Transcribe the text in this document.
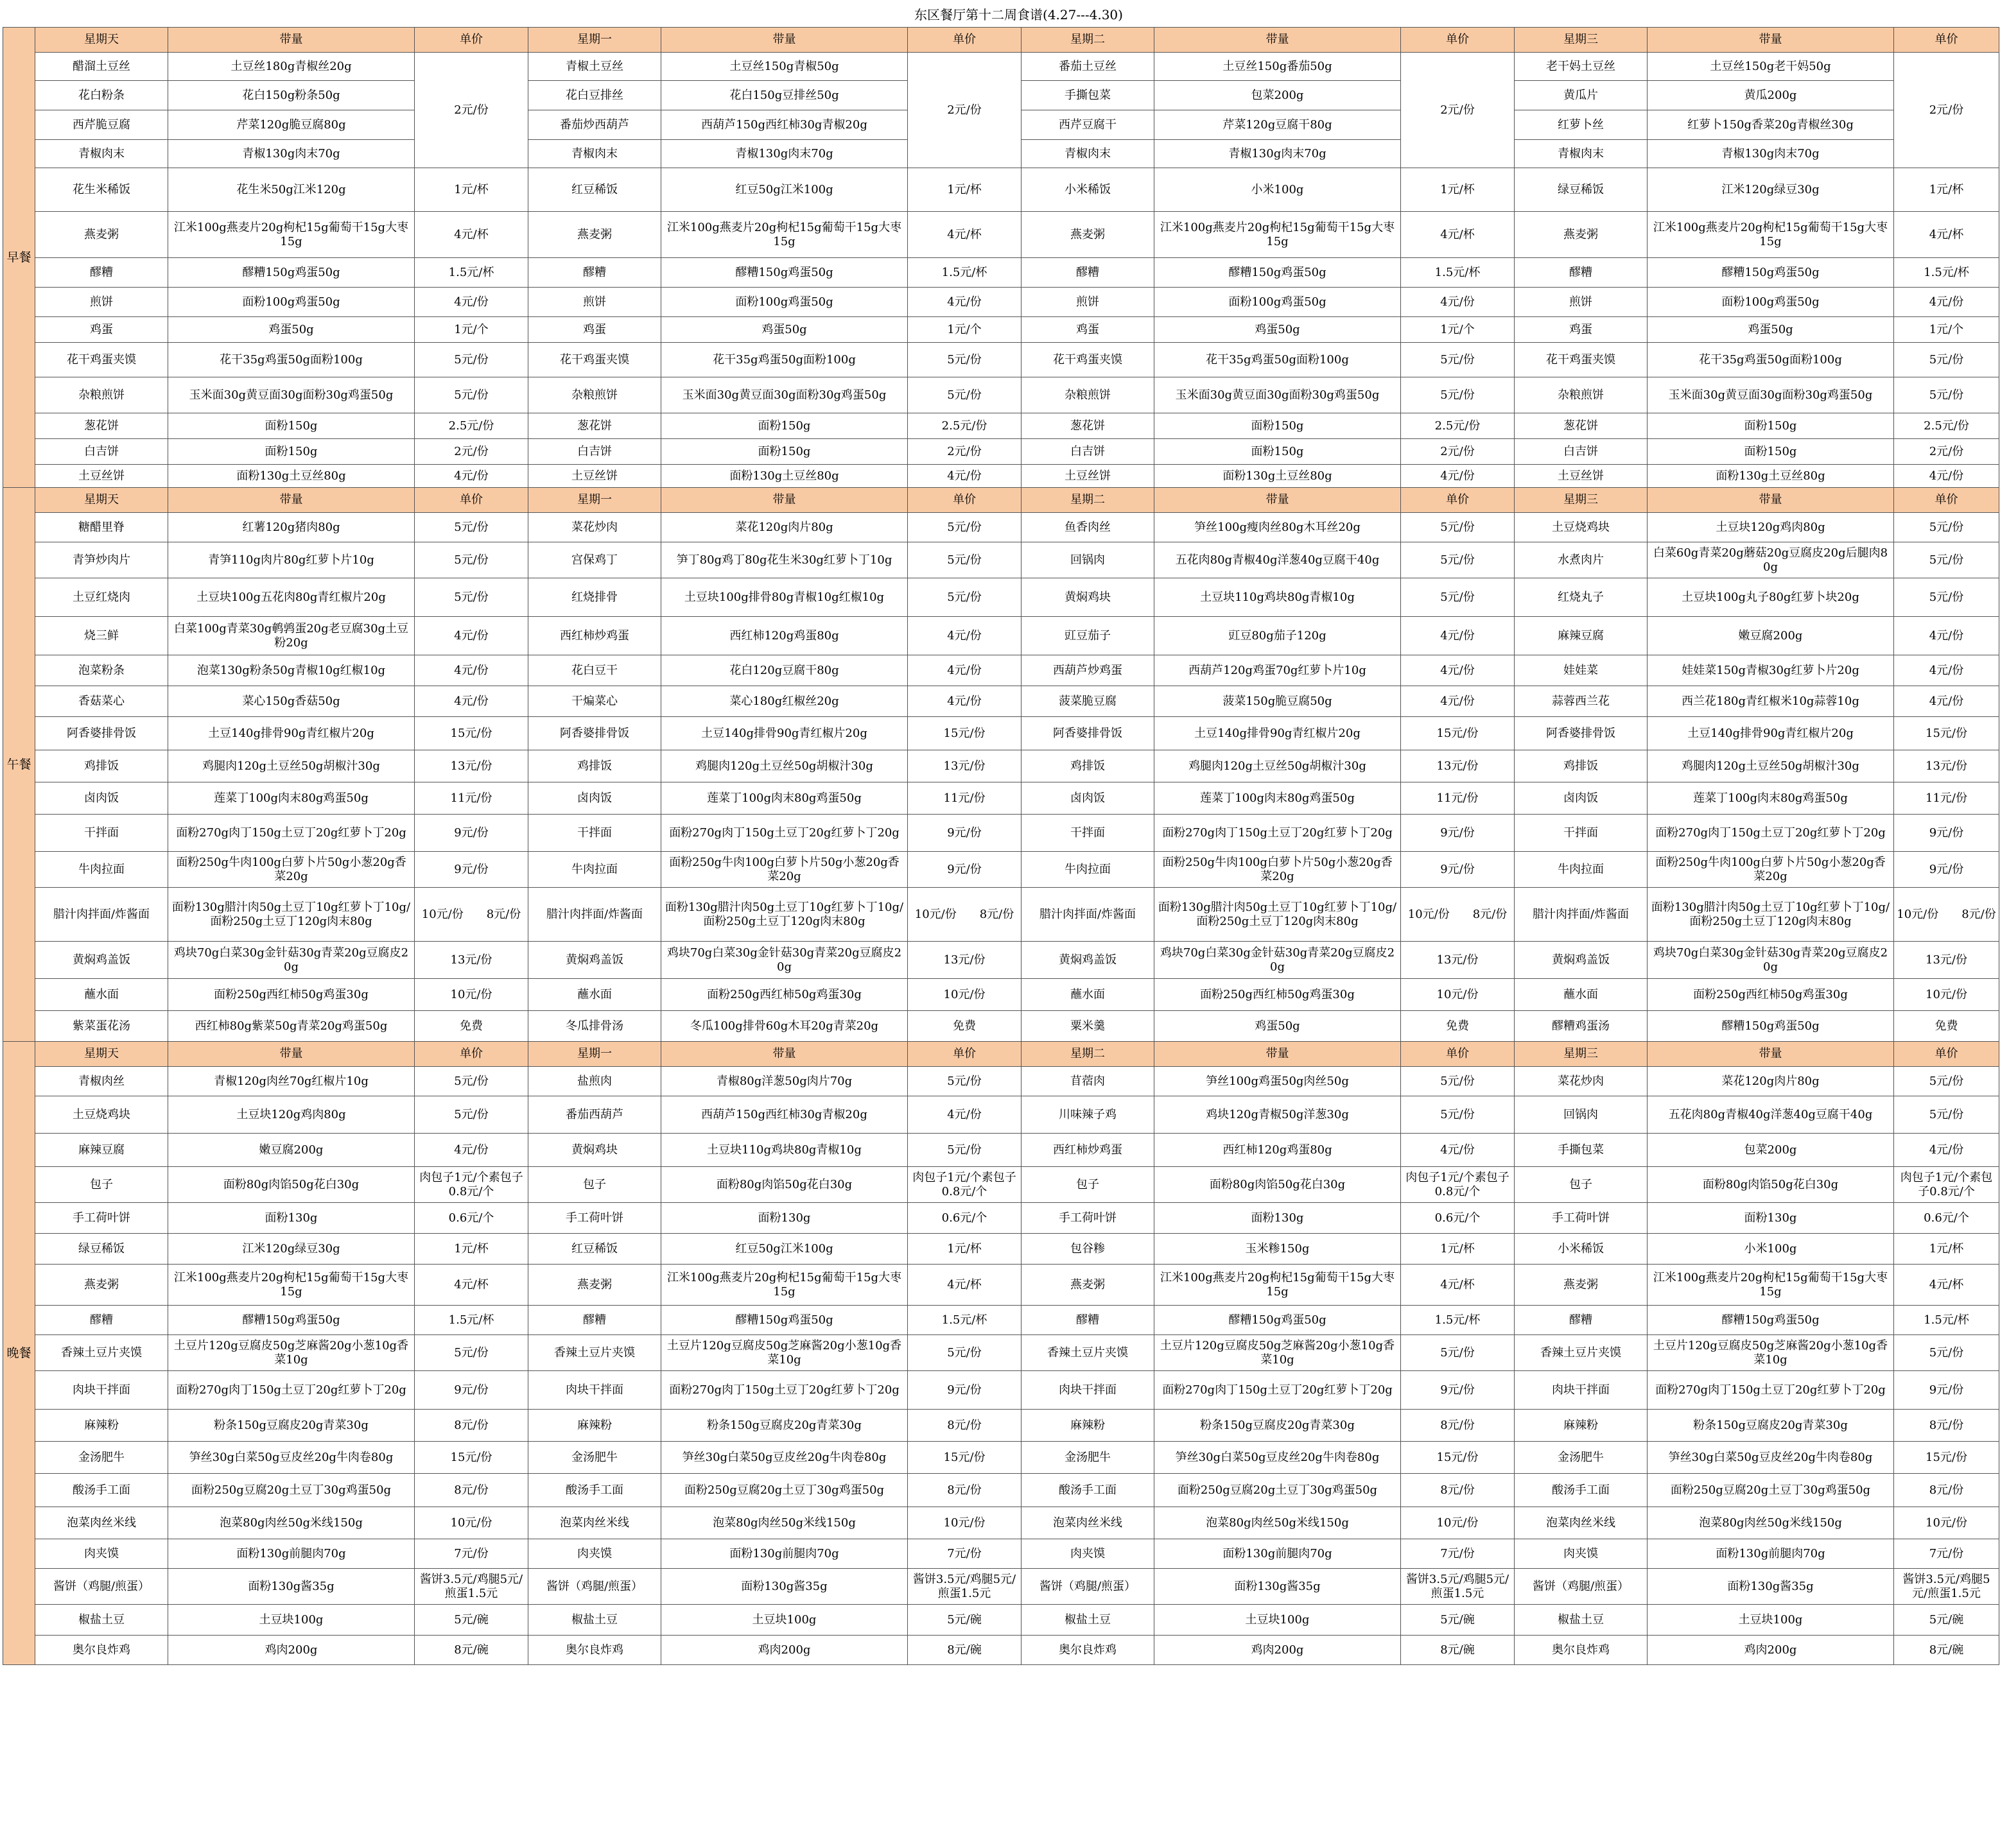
东区餐厅第十二周食谱(4.27---4.30)
早餐	星期天	带量	单价	星期一	带量	单价	星期二	带量	单价	星期三	带量	单价
	醋溜土豆丝	土豆丝180g青椒丝20g	2元/份	青椒土豆丝	土豆丝150g青椒50g	2元/份	番茄土豆丝	土豆丝150g番茄50g	2元/份	老干妈土豆丝	土豆丝150g老干妈50g	2元/份
	花白粉条	花白150g粉条50g		花白豆排丝	花白150g豆排丝50g		手撕包菜	包菜200g		黄瓜片	黄瓜200g	
	西芹脆豆腐	芹菜120g脆豆腐80g		番茄炒西葫芦	西葫芦150g西红柿30g青椒20g		西芹豆腐干	芹菜120g豆腐干80g		红萝卜丝	红萝卜150g香菜20g青椒丝30g	
	青椒肉末	青椒130g肉末70g		青椒肉末	青椒130g肉末70g		青椒肉末	青椒130g肉末70g		青椒肉末	青椒130g肉末70g	
	花生米稀饭	花生米50g江米120g	1元/杯	红豆稀饭	红豆50g江米100g	1元/杯	小米稀饭	小米100g	1元/杯	绿豆稀饭	江米120g绿豆30g	1元/杯
	燕麦粥	江米100g燕麦片20g枸杞15g葡萄干15g大枣15g	4元/杯	燕麦粥	江米100g燕麦片20g枸杞15g葡萄干15g大枣15g	4元/杯	燕麦粥	江米100g燕麦片20g枸杞15g葡萄干15g大枣15g	4元/杯	燕麦粥	江米100g燕麦片20g枸杞15g葡萄干15g大枣15g	4元/杯
	醪糟	醪糟150g鸡蛋50g	1.5元/杯	醪糟	醪糟150g鸡蛋50g	1.5元/杯	醪糟	醪糟150g鸡蛋50g	1.5元/杯	醪糟	醪糟150g鸡蛋50g	1.5元/杯
	煎饼	面粉100g鸡蛋50g	4元/份	煎饼	面粉100g鸡蛋50g	4元/份	煎饼	面粉100g鸡蛋50g	4元/份	煎饼	面粉100g鸡蛋50g	4元/份
	鸡蛋	鸡蛋50g	1元/个	鸡蛋	鸡蛋50g	1元/个	鸡蛋	鸡蛋50g	1元/个	鸡蛋	鸡蛋50g	1元/个
	花干鸡蛋夹馍	花干35g鸡蛋50g面粉100g	5元/份	花干鸡蛋夹馍	花干35g鸡蛋50g面粉100g	5元/份	花干鸡蛋夹馍	花干35g鸡蛋50g面粉100g	5元/份	花干鸡蛋夹馍	花干35g鸡蛋50g面粉100g	5元/份
	杂粮煎饼	玉米面30g黄豆面30g面粉30g鸡蛋50g	5元/份	杂粮煎饼	玉米面30g黄豆面30g面粉30g鸡蛋50g	5元/份	杂粮煎饼	玉米面30g黄豆面30g面粉30g鸡蛋50g	5元/份	杂粮煎饼	玉米面30g黄豆面30g面粉30g鸡蛋50g	5元/份
	葱花饼	面粉150g	2.5元/份	葱花饼	面粉150g	2.5元/份	葱花饼	面粉150g	2.5元/份	葱花饼	面粉150g	2.5元/份
	白吉饼	面粉150g	2元/份	白吉饼	面粉150g	2元/份	白吉饼	面粉150g	2元/份	白吉饼	面粉150g	2元/份
	土豆丝饼	面粉130g土豆丝80g	4元/份	土豆丝饼	面粉130g土豆丝80g	4元/份	土豆丝饼	面粉130g土豆丝80g	4元/份	土豆丝饼	面粉130g土豆丝80g	4元/份
午餐	星期天	带量	单价	星期一	带量	单价	星期二	带量	单价	星期三	带量	单价
	糖醋里脊	红薯120g猪肉80g	5元/份	菜花炒肉	菜花120g肉片80g	5元/份	鱼香肉丝	笋丝100g瘦肉丝80g木耳丝20g	5元/份	土豆烧鸡块	土豆块120g鸡肉80g	5元/份
	青笋炒肉片	青笋110g肉片80g红萝卜片10g	5元/份	宫保鸡丁	笋丁80g鸡丁80g花生米30g红萝卜丁10g	5元/份	回锅肉	五花肉80g青椒40g洋葱40g豆腐干40g	5元/份	水煮肉片	白菜60g青菜20g蘑菇20g豆腐皮20g后腿肉80g	5元/份
	土豆红烧肉	土豆块100g五花肉80g青红椒片20g	5元/份	红烧排骨	土豆块100g排骨80g青椒10g红椒10g	5元/份	黄焖鸡块	土豆块110g鸡块80g青椒10g	5元/份	红烧丸子	土豆块100g丸子80g红萝卜块20g	5元/份
	烧三鲜	白菜100g青菜30g鹌鹑蛋20g老豆腐30g土豆粉20g	4元/份	西红柿炒鸡蛋	西红柿120g鸡蛋80g	4元/份	豇豆茄子	豇豆80g茄子120g	4元/份	麻辣豆腐	嫩豆腐200g	4元/份
	泡菜粉条	泡菜130g粉条50g青椒10g红椒10g	4元/份	花白豆干	花白120g豆腐干80g	4元/份	西葫芦炒鸡蛋	西葫芦120g鸡蛋70g红萝卜片10g	4元/份	娃娃菜	娃娃菜150g青椒30g红萝卜片20g	4元/份
	香菇菜心	菜心150g香菇50g	4元/份	干煸菜心	菜心180g红椒丝20g	4元/份	菠菜脆豆腐	菠菜150g脆豆腐50g	4元/份	蒜蓉西兰花	西兰花180g青红椒米10g蒜蓉10g	4元/份
	阿香婆排骨饭	土豆140g排骨90g青红椒片20g	15元/份	阿香婆排骨饭	土豆140g排骨90g青红椒片20g	15元/份	阿香婆排骨饭	土豆140g排骨90g青红椒片20g	15元/份	阿香婆排骨饭	土豆140g排骨90g青红椒片20g	15元/份
	鸡排饭	鸡腿肉120g土豆丝50g胡椒汁30g	13元/份	鸡排饭	鸡腿肉120g土豆丝50g胡椒汁30g	13元/份	鸡排饭	鸡腿肉120g土豆丝50g胡椒汁30g	13元/份	鸡排饭	鸡腿肉120g土豆丝50g胡椒汁30g	13元/份
	卤肉饭	莲菜丁100g肉末80g鸡蛋50g	11元/份	卤肉饭	莲菜丁100g肉末80g鸡蛋50g	11元/份	卤肉饭	莲菜丁100g肉末80g鸡蛋50g	11元/份	卤肉饭	莲菜丁100g肉末80g鸡蛋50g	11元/份
	干拌面	面粉270g肉丁150g土豆丁20g红萝卜丁20g	9元/份	干拌面	面粉270g肉丁150g土豆丁20g红萝卜丁20g	9元/份	干拌面	面粉270g肉丁150g土豆丁20g红萝卜丁20g	9元/份	干拌面	面粉270g肉丁150g土豆丁20g红萝卜丁20g	9元/份
	牛肉拉面	面粉250g牛肉100g白萝卜片50g小葱20g香菜20g	9元/份	牛肉拉面	面粉250g牛肉100g白萝卜片50g小葱20g香菜20g	9元/份	牛肉拉面	面粉250g牛肉100g白萝卜片50g小葱20g香菜20g	9元/份	牛肉拉面	面粉250g牛肉100g白萝卜片50g小葱20g香菜20g	9元/份
	腊汁肉拌面/炸酱面	面粉130g腊汁肉50g土豆丁10g红萝卜丁10g/面粉250g土豆丁120g肉末80g	10元/份　　8元/份	腊汁肉拌面/炸酱面	面粉130g腊汁肉50g土豆丁10g红萝卜丁10g/面粉250g土豆丁120g肉末80g	10元/份　　8元/份	腊汁肉拌面/炸酱面	面粉130g腊汁肉50g土豆丁10g红萝卜丁10g/面粉250g土豆丁120g肉末80g	10元/份　　8元/份	腊汁肉拌面/炸酱面	面粉130g腊汁肉50g土豆丁10g红萝卜丁10g/面粉250g土豆丁120g肉末80g	10元/份　　8元/份
	黄焖鸡盖饭	鸡块70g白菜30g金针菇30g青菜20g豆腐皮20g	13元/份	黄焖鸡盖饭	鸡块70g白菜30g金针菇30g青菜20g豆腐皮20g	13元/份	黄焖鸡盖饭	鸡块70g白菜30g金针菇30g青菜20g豆腐皮20g	13元/份	黄焖鸡盖饭	鸡块70g白菜30g金针菇30g青菜20g豆腐皮20g	13元/份
	蘸水面	面粉250g西红柿50g鸡蛋30g	10元/份	蘸水面	面粉250g西红柿50g鸡蛋30g	10元/份	蘸水面	面粉250g西红柿50g鸡蛋30g	10元/份	蘸水面	面粉250g西红柿50g鸡蛋30g	10元/份
	紫菜蛋花汤	西红柿80g紫菜50g青菜20g鸡蛋50g	免费	冬瓜排骨汤	冬瓜100g排骨60g木耳20g青菜20g	免费	粟米羹	鸡蛋50g	免费	醪糟鸡蛋汤	醪糟150g鸡蛋50g	免费
晚餐	星期天	带量	单价	星期一	带量	单价	星期二	带量	单价	星期三	带量	单价
	青椒肉丝	青椒120g肉丝70g红椒片10g	5元/份	盐煎肉	青椒80g洋葱50g肉片70g	5元/份	苜蓿肉	笋丝100g鸡蛋50g肉丝50g	5元/份	菜花炒肉	菜花120g肉片80g	5元/份
	土豆烧鸡块	土豆块120g鸡肉80g	5元/份	番茄西葫芦	西葫芦150g西红柿30g青椒20g	4元/份	川味辣子鸡	鸡块120g青椒50g洋葱30g	5元/份	回锅肉	五花肉80g青椒40g洋葱40g豆腐干40g	5元/份
	麻辣豆腐	嫩豆腐200g	4元/份	黄焖鸡块	土豆块110g鸡块80g青椒10g	5元/份	西红柿炒鸡蛋	西红柿120g鸡蛋80g	4元/份	手撕包菜	包菜200g	4元/份
	包子	面粉80g肉馅50g花白30g	肉包子1元/个素包子0.8元/个	包子	面粉80g肉馅50g花白30g	肉包子1元/个素包子0.8元/个	包子	面粉80g肉馅50g花白30g	肉包子1元/个素包子0.8元/个	包子	面粉80g肉馅50g花白30g	肉包子1元/个素包子0.8元/个
	手工荷叶饼	面粉130g	0.6元/个	手工荷叶饼	面粉130g	0.6元/个	手工荷叶饼	面粉130g	0.6元/个	手工荷叶饼	面粉130g	0.6元/个
	绿豆稀饭	江米120g绿豆30g	1元/杯	红豆稀饭	红豆50g江米100g	1元/杯	包谷糁	玉米糁150g	1元/杯	小米稀饭	小米100g	1元/杯
	燕麦粥	江米100g燕麦片20g枸杞15g葡萄干15g大枣15g	4元/杯	燕麦粥	江米100g燕麦片20g枸杞15g葡萄干15g大枣15g	4元/杯	燕麦粥	江米100g燕麦片20g枸杞15g葡萄干15g大枣15g	4元/杯	燕麦粥	江米100g燕麦片20g枸杞15g葡萄干15g大枣15g	4元/杯
	醪糟	醪糟150g鸡蛋50g	1.5元/杯	醪糟	醪糟150g鸡蛋50g	1.5元/杯	醪糟	醪糟150g鸡蛋50g	1.5元/杯	醪糟	醪糟150g鸡蛋50g	1.5元/杯
	香辣土豆片夹馍	土豆片120g豆腐皮50g芝麻酱20g小葱10g香菜10g	5元/份	香辣土豆片夹馍	土豆片120g豆腐皮50g芝麻酱20g小葱10g香菜10g	5元/份	香辣土豆片夹馍	土豆片120g豆腐皮50g芝麻酱20g小葱10g香菜10g	5元/份	香辣土豆片夹馍	土豆片120g豆腐皮50g芝麻酱20g小葱10g香菜10g	5元/份
	肉块干拌面	面粉270g肉丁150g土豆丁20g红萝卜丁20g	9元/份	肉块干拌面	面粉270g肉丁150g土豆丁20g红萝卜丁20g	9元/份	肉块干拌面	面粉270g肉丁150g土豆丁20g红萝卜丁20g	9元/份	肉块干拌面	面粉270g肉丁150g土豆丁20g红萝卜丁20g	9元/份
	麻辣粉	粉条150g豆腐皮20g青菜30g	8元/份	麻辣粉	粉条150g豆腐皮20g青菜30g	8元/份	麻辣粉	粉条150g豆腐皮20g青菜30g	8元/份	麻辣粉	粉条150g豆腐皮20g青菜30g	8元/份
	金汤肥牛	笋丝30g白菜50g豆皮丝20g牛肉卷80g	15元/份	金汤肥牛	笋丝30g白菜50g豆皮丝20g牛肉卷80g	15元/份	金汤肥牛	笋丝30g白菜50g豆皮丝20g牛肉卷80g	15元/份	金汤肥牛	笋丝30g白菜50g豆皮丝20g牛肉卷80g	15元/份
	酸汤手工面	面粉250g豆腐20g土豆丁30g鸡蛋50g	8元/份	酸汤手工面	面粉250g豆腐20g土豆丁30g鸡蛋50g	8元/份	酸汤手工面	面粉250g豆腐20g土豆丁30g鸡蛋50g	8元/份	酸汤手工面	面粉250g豆腐20g土豆丁30g鸡蛋50g	8元/份
	泡菜肉丝米线	泡菜80g肉丝50g米线150g	10元/份	泡菜肉丝米线	泡菜80g肉丝50g米线150g	10元/份	泡菜肉丝米线	泡菜80g肉丝50g米线150g	10元/份	泡菜肉丝米线	泡菜80g肉丝50g米线150g	10元/份
	肉夹馍	面粉130g前腿肉70g	7元/份	肉夹馍	面粉130g前腿肉70g	7元/份	肉夹馍	面粉130g前腿肉70g	7元/份	肉夹馍	面粉130g前腿肉70g	7元/份
	酱饼（鸡腿/煎蛋）	面粉130g酱35g	酱饼3.5元/鸡腿5元/煎蛋1.5元	酱饼（鸡腿/煎蛋）	面粉130g酱35g	酱饼3.5元/鸡腿5元/煎蛋1.5元	酱饼（鸡腿/煎蛋）	面粉130g酱35g	酱饼3.5元/鸡腿5元/煎蛋1.5元	酱饼（鸡腿/煎蛋）	面粉130g酱35g	酱饼3.5元/鸡腿5元/煎蛋1.5元
	椒盐土豆	土豆块100g	5元/碗	椒盐土豆	土豆块100g	5元/碗	椒盐土豆	土豆块100g	5元/碗	椒盐土豆	土豆块100g	5元/碗
	奥尔良炸鸡	鸡肉200g	8元/碗	奥尔良炸鸡	鸡肉200g	8元/碗	奥尔良炸鸡	鸡肉200g	8元/碗	奥尔良炸鸡	鸡肉200g	8元/碗
